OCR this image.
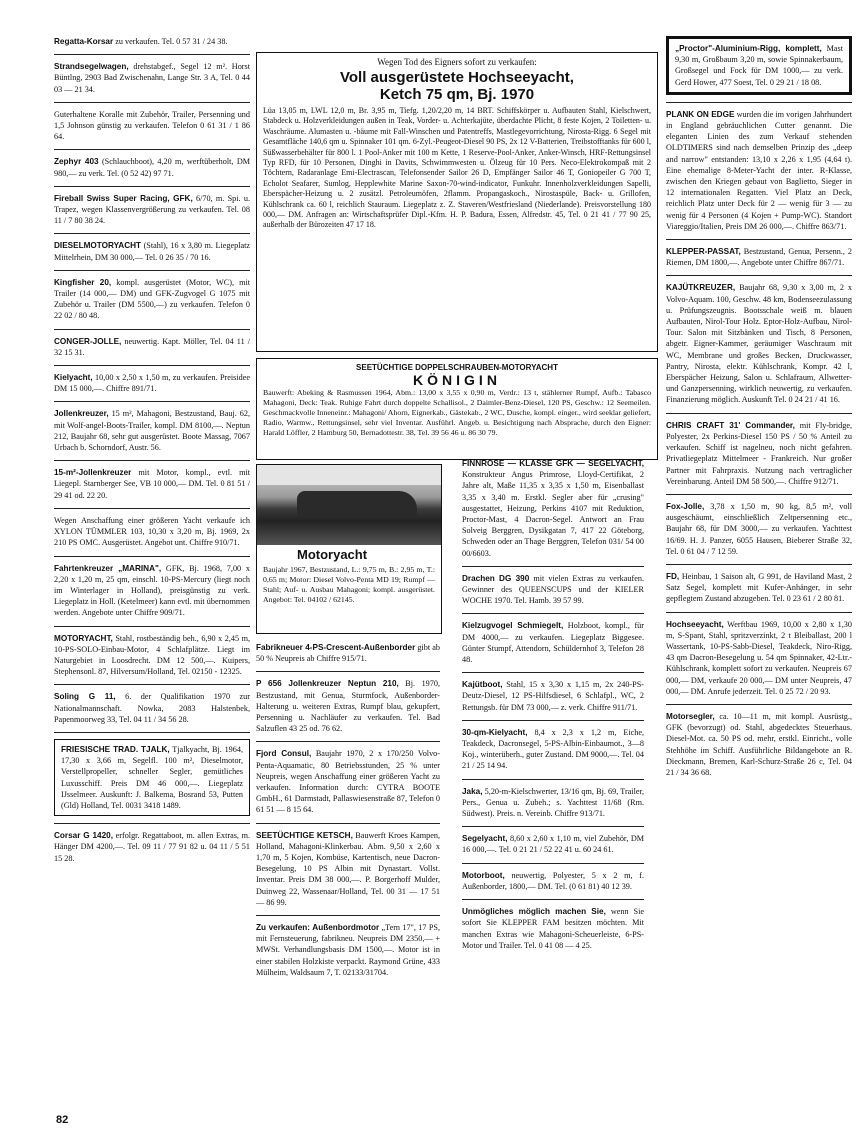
Regatta-Korsar zu verkaufen. Tel. 0 57 31 / 24 38.
Strandsegelwagen, drehstabgef., Segel 12 m². Horst Büntlng, 2903 Bad Zwischenahn, Lange Str. 3 A, Tel. 0 44 03 — 21 34.
Guterhaltene Koralle mit Zubehör, Trailer, Persenning und 1,5 Johnson günstig zu verkaufen. Telefon 0 61 31 / 1 86 64.
Zephyr 403 (Schlauchboot), 4,20 m, werftüberholt, DM 980,— zu verk. Tel. (0 52 42) 97 71.
Fireball Swiss Super Racing, GFK, 6/70, m. Spi. u. Trapez, wegen Klassenvergrößerung zu verkaufen. Tel. 08 11 / 7 80 38 24.
DIESELMOTORYACHT (Stahl), 16 x 3,80 m. Liegeplatz Mittelrhein, DM 30 000,— Tel. 0 26 35 / 70 16.
Kingfisher 20, kompl. ausgerüstet (Motor, WC), mit Trailer (14 000,— DM) und GFK-Zugvogel G 1075 mit Zubehör u. Trailer (DM 5500,—) zu verkaufen. Telefon 0 22 02 / 80 48.
CONGER-JOLLE, neuwertig. Kapt. Möller, Tel. 04 11 / 32 15 31.
Kielyacht, 10,00 x 2,50 x 1,50 m, zu verkaufen. Preisidee DM 15 000,—. Chiffre 891/71.
Jollenkreuzer, 15 m², Mahagoni, Bestzustand, Bauj. 62, mit Wolf-angel-Boots-Trailer, kompl. DM 8100,—. Neptun 212, Baujahr 68, sehr gut ausgerüstet. Boote Massag, 7067 Urbach b. Schorndorf, Austr. 56.
15-m²-Jollenkreuzer mit Motor, kompl., evtl. mit Liegepl. Starnberger See, VB 10 000,— DM. Tel. 0 81 51 / 29 41 od. 22 20.
Wegen Anschaffung einer größeren Yacht verkaufe ich XYLON TÜMMLER 103, 10,30 x 3,20 m, Bj. 1969, 2x 210 PS OMC. Ausgerüstet. Angebot unt. Chiffre 910/71.
Fahrtenkreuzer „MARINA", GFK, Bj. 1968, 7,00 x 2,20 x 1,20 m, 25 qm, einschl. 10-PS-Mercury (liegt noch im Winterlager in Holland), preisgünstig zu verk. Liegeplatz in Holl. (Ketelmeer) kann evtl. mit übernommen werden. Angebote unter Chiffre 909/71.
MOTORYACHT, Stahl, rostbeständig beh., 6,90 x 2,45 m, 10-PS-SOLO-Einbau-Motor, 4 Schlafplätze. Liegt im Naturgebiet in Loosdrecht. DM 12 500,—. Kuipers, Stephensonl. 87, Hilversum/Holland, Tel. 02150 - 12325.
Soling G 11, 6. der Qualifikation 1970 zur Nationalmannschaft. Nowka, 2083 Halstenbek, Papenmoorweg 33, Tel. 04 11 / 34 56 28.
FRIESISCHE TRAD. TJALK, Tjalkyacht, Bj. 1964, 17,30 x 3,66 m, Segelfl. 100 m², Dieselmotor, Verstellpropeller, schneller Segler, gemütliches Luxusschiff. Preis DM 46 000,—. Liegeplatz IJsselmeer. Auskunft: J. Balkema, Bosrand 53, Putten (Gld) Holland, Tel. 0031 3418 1489.
Corsar G 1420, erfolgr. Regattaboot, m. allen Extras, m. Hänger DM 4200,—. Tel. 09 11 / 77 91 82 u. 04 11 / 5 51 15 28.
Wegen Tod des Eigners sofort zu verkaufen:
Voll ausgerüstete Hochseeyacht,
Ketch 75 qm, Bj. 1970
Lüa 13,05 m, LWL 12,0 m, Br. 3,95 m, Tiefg. 1,20/2,20 m, 14 BRT. Schiffskörper u. Aufbauten Stahl, Kielschwert, Stabdeck u. Holzverkleidungen außen in Teak, Vorder- u. Achterkajüte, überdachte Plicht, 8 feste Kojen, 2 Toiletten- u. Waschräume. Alumasten u. -bäume mit Fall-Winschen und Patentreffs, Mastlegevorrichtung, Nirosta-Rigg. 6 Segel mit Gesamtfläche 140,6 qm u. Spinnaker 101 qm. 6-Zyl.-Peugeot-Diesel 90 PS, 2x 12 V-Batterien, Treibstofftanks für 600 l, Süßwasserbehälter für 800 l. 1 Pool-Anker mit 100 m Kette, 1 Reserve-Pool-Anker, Anker-Winsch, HRF-Rettungsinsel Typ RFD, für 10 Personen, Dinghi in Davits, Schwimmwesten u. Ölzeug für 10 Pers. Neco-Elektrokompaß mit 2 Töchtern, Radaranlage Emi-Electrascan, Telefonsender Sailor 26 D, Empfänger Sailor 46 T, Goniopeiler G 700 T, Echolot Seafarer, Sumlog, Hepplewhite Marine Saxon-70-wind-indicator, Funkuhr. Innenholzverkleidungen Sapelli, Eberspächer-Heizung u. 2 zusätzl. Petroleumöfen, 2flamm. Propangaskoch., Nirostaspüle, Back- u. Grillofen, Kühlschrank ca. 60 l, reichlich Stauraum. Liegeplatz z. Z. Staveren/Westfriesland (Niederlande). Preisvorstellung 180 000,— DM. Anfragen an: Wirtschaftsprüfer Dipl.-Kfm. H. P. Badura, Essen, Alfredstr. 45, Tel. 0 21 41 / 77 90 25, außerhalb der Bürozeiten 47 17 18.
SEETÜCHTIGE DOPPELSCHRAUBEN-MOTORYACHT
KÖNIGIN
Bauwerft: Abeking & Rasmussen 1964, Abm.: 13,00 x 3,55 x 0,90 m, Verdr.: 13 t, stählerner Rumpf, Aufb.: Tabasco Mahagoni, Deck: Teak. Ruhige Fahrt durch doppelte Schallisol., 2 Daimler-Benz-Diesel, 120 PS, Geschw.: 12 Seemeilen. Geschmackvolle Inneneinr.: Mahagoni/ Ahorn, Eignerkab., Gästekab., 2 WC, Dusche, kompl. einger., wird seeklar geliefert, Radio, Warmw., Rettungsinsel, sehr viel Inventar. Ausführl. Angeb. u. Besichtigung nach Absprache, durch den Eigner: Harald Löffler, 2 Hamburg 50, Bernadottestr. 38, Tel. 39 56 46 u. 86 30 79.
Motoryacht
Baujahr 1967, Bestzustand, L.: 9,75 m, B.: 2,95 m, T.: 0,65 m; Motor: Diesel Volvo-Penta MD 19; Rumpf — Stahl; Auf- u. Ausbau Mahagoni; kompl. ausgerüstet. Angebot: Tel. 04102 / 62145.
Fabrikneuer 4-PS-Crescent-Außenborder gibt ab 50 % Neupreis ab Chiffre 915/71.
P 656 Jollenkreuzer Neptun 210, Bj. 1970, Bestzustand, mit Genua, Sturmfock, Außenborder-Halterung u. weiteren Extras, Rumpf blau, gekupfert, Persenning u. Nachläufer zu verkaufen. Tel. Bad Salzuflen 43 25 od. 76 62.
Fjord Consul, Baujahr 1970, 2 x 170/250 Volvo-Penta-Aquamatic, 80 Betriebsstunden, 25 % unter Neupreis, wegen Anschaffung einer größeren Yacht zu verkaufen. Information durch: CYTRA BOOTE GmbH., 61 Darmstadt, Pallaswiesenstraße 87, Telefon 0 61 51 — 8 15 64.
SEETÜCHTIGE KETSCH, Bauwerft Kroes Kampen, Holland, Mahagoni-Klinkerbau. Abm. 9,50 x 2,60 x 1,70 m, 5 Kojen, Kombüse, Kartentisch, neue Dacron-Besegelung, 10 PS Albin mit Dynastart. Vollst. Inventar. Preis DM 38 000,—. P. Borgerhoff Mulder, Duinweg 22, Wassenaar/Holland, Tel. 00 31 — 17 51 — 86 99.
Zu verkaufen: Außenbordmotor „Tern 17", 17 PS, mit Fernsteuerung, fabrikneu. Neupreis DM 2350,— + MWSt. Verhandlungsbasis DM 1500,—. Motor ist in einer stabilen Holzkiste verpackt. Raymond Grüne, 433 Mülheim, Waldsaum 7, T. 02133/31704.
FINNROSE — KLASSE GFK — SEGELYACHT, Konstrukteur Angus Primrose, Lloyd-Certifikat, 2 Jahre alt, Maße 11,35 x 3,35 x 1,50 m, Eisenballast 3,35 x 3,40 m. Erstkl. Segler aber für „crusing" ausgestattet, Heizung, Perkins 4107 mit Reduktion, Proctor-Mast, 4 Dacron-Segel. Antwort an Frau Solveig Berggren, Dysikgatan 7, 417 22 Göteborg, Schweden oder an Thage Berggren, Telefon 031/ 54 00 00/6603.
Drachen DG 390 mit vielen Extras zu verkaufen. Gewinner des QUEENSCUPS und der KIELER WOCHE 1970. Tel. Hamb. 39 57 99.
Kielzugvogel Schmiegelt, Holzboot, kompl., für DM 4000,— zu verkaufen. Liegeplatz Biggesee. Günter Stumpf, Attendorn, Schüldernhof 3, Telefon 28 48.
Kajütboot, Stahl, 15 x 3,30 x 1,15 m, 2x 240-PS-Deutz-Diesel, 12 PS-Hilfsdiesel, 6 Schlafpl., WC, 2 Rettungsb. für DM 73 000,— z. verk. Chiffre 911/71.
30-qm-Kielyacht, 8,4 x 2,3 x 1,2 m, Eiche, Teakdeck, Dacronsegel, 5-PS-Albin-Einbaumot., 3—8 Koj., winterüberh., guter Zustand. DM 9000,—. Tel. 04 21 / 25 14 94.
Jaka, 5,20-m-Kielschwerter, 13/16 qm, Bj. 69, Trailer, Pers., Genua u. Zubeh.; s. Yachttest 11/68 (Rm. Südwest). Preis. n. Vereinb. Chiffre 913/71.
Segelyacht, 8,60 x 2,60 x 1,10 m, viel Zubehör, DM 16 000,—. Tel. 0 21 21 / 52 22 41 u. 60 24 61.
Motorboot, neuwertig, Polyester, 5 x 2 m, f. Außenborder, 1800,— DM. Tel. (0 61 81) 40 12 39.
Unmögliches möglich machen Sie, wenn Sie sofort Sie KLEPPER FAM besitzen möchten. Mit manchen Extras wie Mahagoni-Scheuerleiste, 6-PS-Motor und Trailer. Tel. 0 41 08 — 4 25.
„Proctor"-Aluminium-Rigg, komplett, Mast 9,30 m, Großbaum 3,20 m, sowie Spinnakerbaum, Großsegel und Fock für DM 1000,— zu verk. Gerd Hower, 477 Soest, Tel. 0 29 21 / 18 08.
PLANK ON EDGE wurden die im vorigen Jahrhundert in England gebräuchlichen Cutter genannt. Die eleganten Linien des zum Verkauf stehenden OLDTIMERS sind nach demselben Prinzip des „deep and narrow" entstanden: 13,10 x 2,26 x 1,95 (4,64 t). Eine ehemalige 8-Meter-Yacht der inter. R-Klasse, zwischen den Kriegen gebaut von Baglietto, Sieger in 12 internationalen Regatten. Viel Platz an Deck, reichlich Platz unter Deck für 2 — wenig für 3 — zu wenig für 4 Personen (4 Kojen + Pump-WC). Standort Viareggio/Italien, Preis DM 26 000,—. Chiffre 863/71.
KLEPPER-PASSAT, Bestzustand, Genua, Persenn., 2 Riemen, DM 1800,—. Angebote unter Chiffre 867/71.
KAJÜTKREUZER, Baujahr 68, 9,30 x 3,00 m, 2 x Volvo-Aquam. 100, Geschw. 48 km, Bodenseezulassung u. Prüfungszeugnis. Bootsschale weiß m. blauen Aufbauten, Nirol-Tour Holz. Eptor-Holz-Aufbau, Nirol-Tour. Salon mit Sitzbänken und Tisch, 8 Personen, abgetr. Eigner-Kammer, geräumiger Waschraum mit WC, Membrane und großes Becken, Druckwasser, Pantry, Nirosta, elektr. Kühlschrank, Kompr. 42 l, Eberspächer Heizung, Salon u. Schlafraum, Allwetter- und Ganzpersenning, wirklich neuwertig, zu verkaufen. Finanzierung möglich. Auskunft Tel. 0 24 21 / 41 16.
CHRIS CRAFT 31' Commander, mit Fly-bridge, Polyester, 2x Perkins-Diesel 150 PS / 50 % Anteil zu verkaufen. Schiff ist nagelneu, noch nicht gefahren. Privatliegeplatz Mittelmeer - Frankreich. Nur großer Partner mit Fahrpraxis. Nutzung nach vertraglicher Vereinbarung. Anteil DM 58 500,—. Chiffre 912/71.
Fox-Jolle, 3,78 x 1,50 m, 90 kg, 8,5 m², voll ausgeschäumt, einschließlich Zeltpersenning etc., Baujahr 68, für DM 3000,— zu verkaufen. Yachttest 16/69. H. J. Panzer, 6055 Hausen, Bieberer Straße 32, Tel. 0 61 04 / 7 12 59.
FD, Heinbau, 1 Saison alt, G 991, de Haviland Mast, 2 Satz Segel, komplett mit Kufer-Anhänger, in sehr gepflegtem Zustand abzugeben. Tel. 0 23 61 / 2 80 81.
Hochseeyacht, Werftbau 1969, 10,00 x 2,80 x 1,30 m, S-Spant, Stahl, spritzverzinkt, 2 t Bleiballast, 200 l Wassertank, 10-PS-Sabb-Diesel, Teakdeck, Niro-Rigg, 43 qm Dacron-Besegelung u. 54 qm Spinnaker, 42-Ltr.-Kühlschrank, komplett sofort zu verkaufen. Neupreis 67 000,— DM, verkaufe 20 000,— DM unter Neupreis, 47 000,— DM. Anrufe jederzeit. Tel. 0 25 72 / 20 93.
Motorsegler, ca. 10—11 m, mit kompl. Ausrüstg., GFK (bevorzugt) od. Stahl, abgedecktes Steuerhaus. Diesel-Mot. ca. 50 PS od. mehr, erstkl. Einricht., volle Stehhöhe im Schiff. Ausführliche Bildangebote an R. Dieckmann, Bremen, Karl-Schurz-Straße 26 c, Tel. 04 21 / 34 36 68.
82
